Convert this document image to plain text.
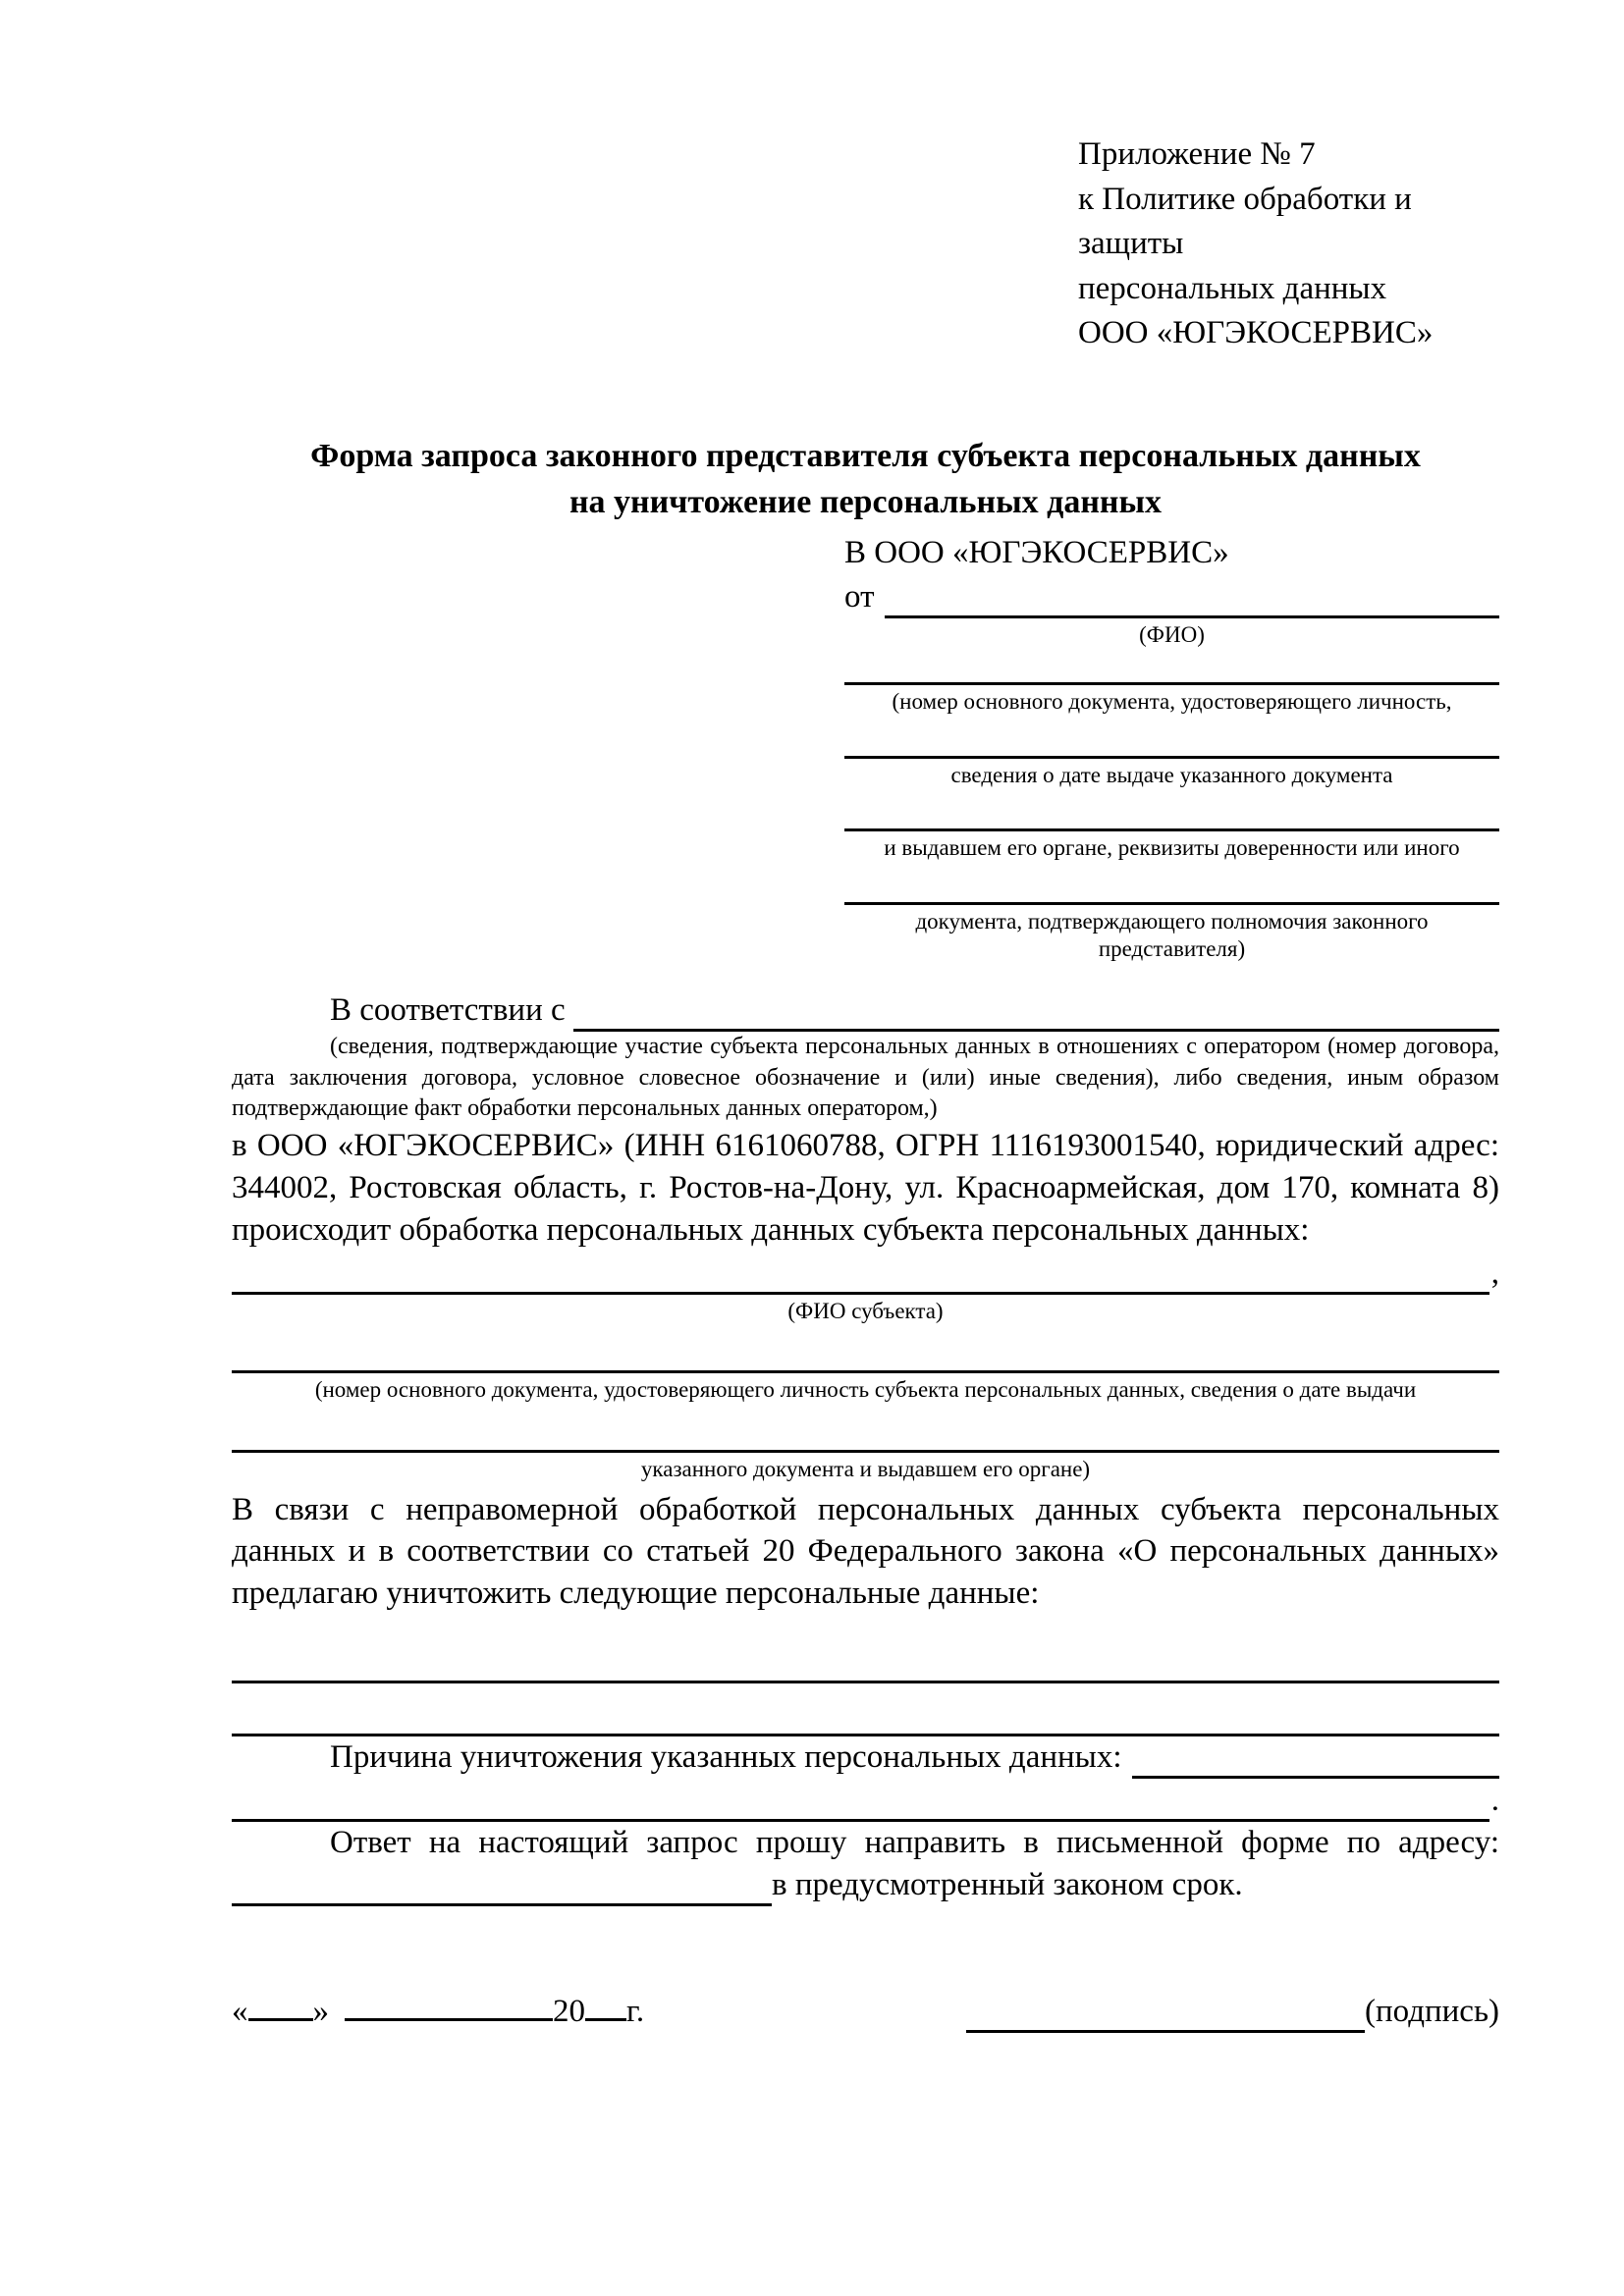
Приложение № 7
к Политике обработки и защиты
персональных данных
ООО «ЮГЭКОСЕРВИС»
Форма запроса законного представителя субъекта персональных данных
на уничтожение персональных данных
В ООО «ЮГЭКОСЕРВИС»
от
(ФИО)
(номер основного документа, удостоверяющего личность,
сведения о дате выдаче указанного документа
и выдавшем его органе, реквизиты доверенности или иного
документа, подтверждающего полномочия законного представителя)
В соответствии с
(сведения, подтверждающие участие субъекта персональных данных в отношениях с оператором (номер договора, дата заключения договора, условное словесное обозначение и (или) иные сведения), либо сведения, иным образом подтверждающие факт обработки персональных данных оператором,)
в ООО «ЮГЭКОСЕРВИС» (ИНН 6161060788, ОГРН 1116193001540, юридический адрес: 344002, Ростовская область, г. Ростов-на-Дону, ул. Красноармейская, дом 170, комната 8) происходит обработка персональных данных субъекта персональных данных:
,
(ФИО субъекта)
(номер основного документа, удостоверяющего личность субъекта персональных данных, сведения о дате выдачи
указанного документа и выдавшем его органе)
В связи с неправомерной обработкой персональных данных субъекта персональных данных и в соответствии со статьей 20 Федерального закона «О персональных данных» предлагаю уничтожить следующие персональные данные:
Причина уничтожения указанных персональных данных:
.
Ответ на настоящий запрос прошу направить в письменной форме по адресу:
в предусмотренный законом срок.
« »	20 г.	(подпись)
